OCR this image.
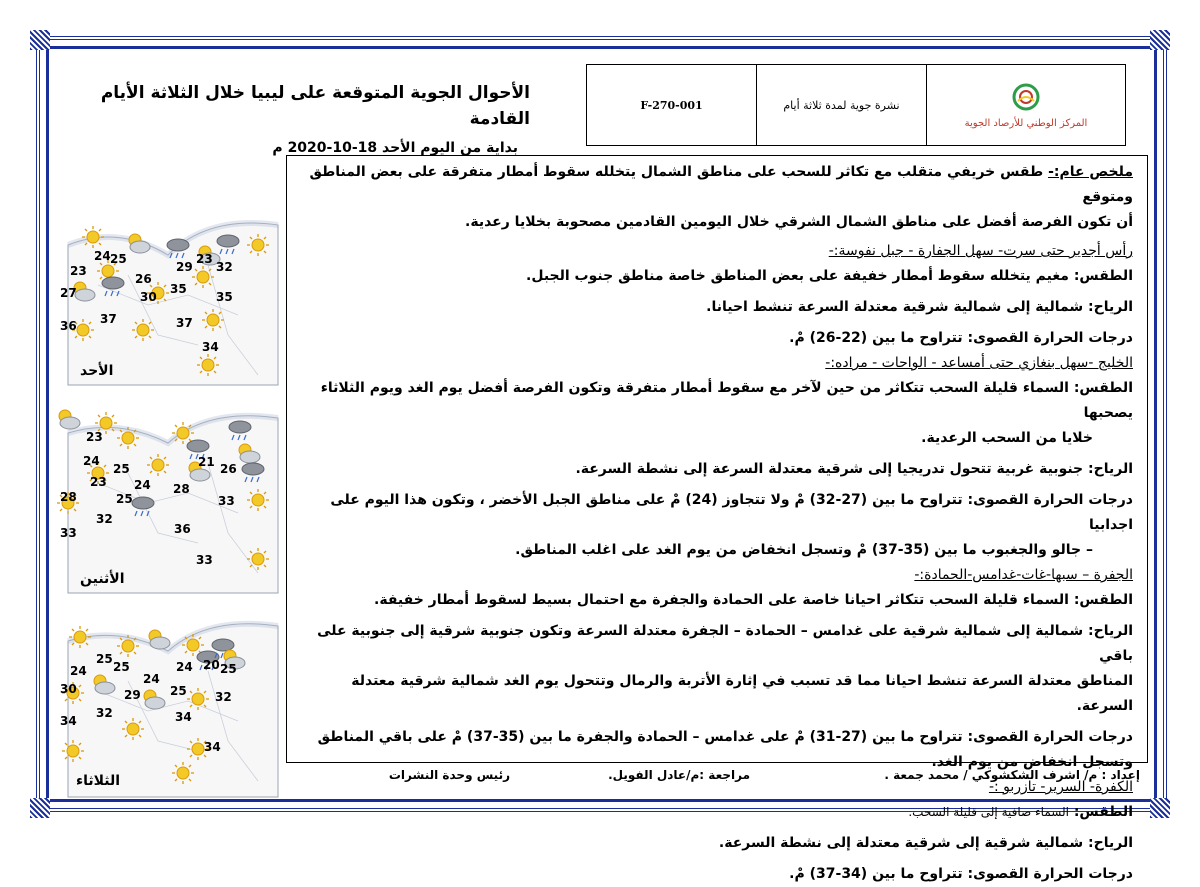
الأحوال الجوية المتوقعة على ليبيا خلال الثلاثة الأيام القادمة
بداية من اليوم الأحد 18-10-2020 م
F-270-001	نشرة جوية لمدة ثلاثة أيام
المركز الوطني للأرصاد الجوية
24 25
23
26
29
23
32
27	35
35
30
37	37
36
34
الأحد
23
24
25	21 26
23 24
28
28
25	33
32
36
33
33
الأثنين
25
25
24
20 25
24
24
30	29 25 32
32
34	34
34
الثلاثاء

ملخص عام:- طقس خريفي متقلب مع تكاثر للسحب على مناطق الشمال يتخلله سقوط أمطار متفرقة على بعض المناطق ومتوقع

أن تكون الفرصة أفضل على مناطق الشمال الشرقي خلال اليومين القادمين مصحوبة بخلايا رعدية.

رأس أجدير حتى سرت- سهل الجفارة - جبل نفوسة:-

الطقس: مغيم يتخلله سقوط أمطار خفيفة على بعض المناطق خاصة مناطق جنوب الجبل.

الرياح: شمالية إلى شمالية شرقية معتدلة السرعة تنشط احيانا.

درجات الحرارة القصوى: تتراوح ما بين (22-26) مْ.

الخليج -سهل بنغازي حتى أمساعد - الواحات - مراده:-

الطقس: السماء قليلة السحب تتكاثر من حين لآخر مع سقوط أمطار متفرقة وتكون الفرصة أفضل يوم الغد ويوم الثلاثاء يصحبها

خلايا من السحب الرعدية.

الرياح: جنوبية غربية تتحول تدريجيا إلى شرقية معتدلة السرعة إلى نشطة السرعة.

درجات الحرارة القصوى: تتراوح ما بين (27-32) مْ ولا تتجاوز (24) مْ على مناطق الجبل الأخضر ، وتكون هذا اليوم على اجدابيا

– جالو والجغبوب ما بين (35-37) مْ وتسجل انخفاض من يوم الغد على اغلب المناطق.

الجفرة – سبها-غات-غدامس-الحمادة:-

الطقس: السماء قليلة السحب تتكاثر احيانا خاصة على الحمادة والجفرة مع احتمال بسيط لسقوط أمطار خفيفة.

الرياح: شمالية إلى شمالية شرقية على غدامس – الحمادة – الجفرة معتدلة السرعة وتكون جنوبية شرقية إلى جنوبية على باقي

المناطق معتدلة السرعة تنشط احيانا مما قد تسبب في إثارة الأتربة والرمال وتتحول يوم الغد شمالية شرقية معتدلة السرعة.

درجات الحرارة القصوى: تتراوح ما بين (27-31) مْ على غدامس – الحمادة والجفرة ما بين (35-37) مْ على باقي المناطق

وتسجل انخفاض من يوم الغد.

الكفرة- السرير- تازربو :-

الطقس: السماء صافية إلى قليلة السحب.

الرياح: شمالية شرقية إلى شرقية معتدلة إلى نشطة السرعة.

درجات الحرارة القصوى: تتراوح ما بين (34-37) مْ.

إعداد : م/ اشرف الشكشوكي / محمد جمعة .
مراجعة :م/عادل الفويل.
رئيس وحدة النشرات
